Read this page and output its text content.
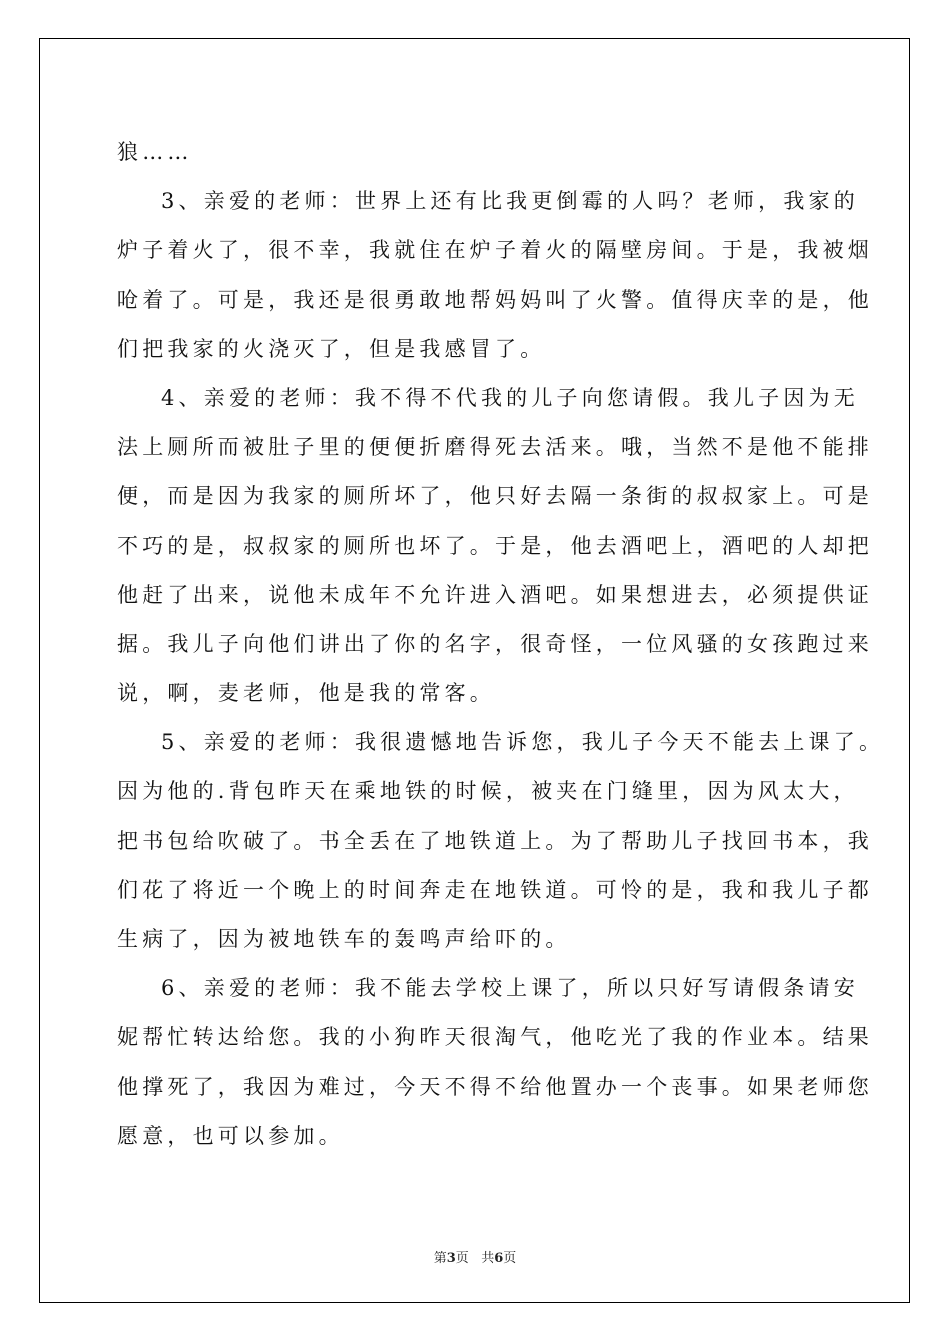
狼……
3、亲爱的老师：世界上还有比我更倒霉的人吗？老师，我家的
炉子着火了，很不幸，我就住在炉子着火的隔壁房间。于是，我被烟
呛着了。可是，我还是很勇敢地帮妈妈叫了火警。值得庆幸的是，他
们把我家的火浇灭了，但是我感冒了。
4、亲爱的老师：我不得不代我的儿子向您请假。我儿子因为无
法上厕所而被肚子里的便便折磨得死去活来。哦，当然不是他不能排
便，而是因为我家的厕所坏了，他只好去隔一条街的叔叔家上。可是
不巧的是，叔叔家的厕所也坏了。于是，他去酒吧上，酒吧的人却把
他赶了出来，说他未成年不允许进入酒吧。如果想进去，必须提供证
据。我儿子向他们讲出了你的名字，很奇怪，一位风骚的女孩跑过来
说，啊，麦老师，他是我的常客。
5、亲爱的老师：我很遗憾地告诉您，我儿子今天不能去上课了。
因为他的.背包昨天在乘地铁的时候，被夹在门缝里，因为风太大，
把书包给吹破了。书全丢在了地铁道上。为了帮助儿子找回书本，我
们花了将近一个晚上的时间奔走在地铁道。可怜的是，我和我儿子都
生病了，因为被地铁车的轰鸣声给吓的。
6、亲爱的老师：我不能去学校上课了，所以只好写请假条请安
妮帮忙转达给您。我的小狗昨天很淘气，他吃光了我的作业本。结果
他撑死了，我因为难过，今天不得不给他置办一个丧事。如果老师您
愿意，也可以参加。
第3页 共6页
